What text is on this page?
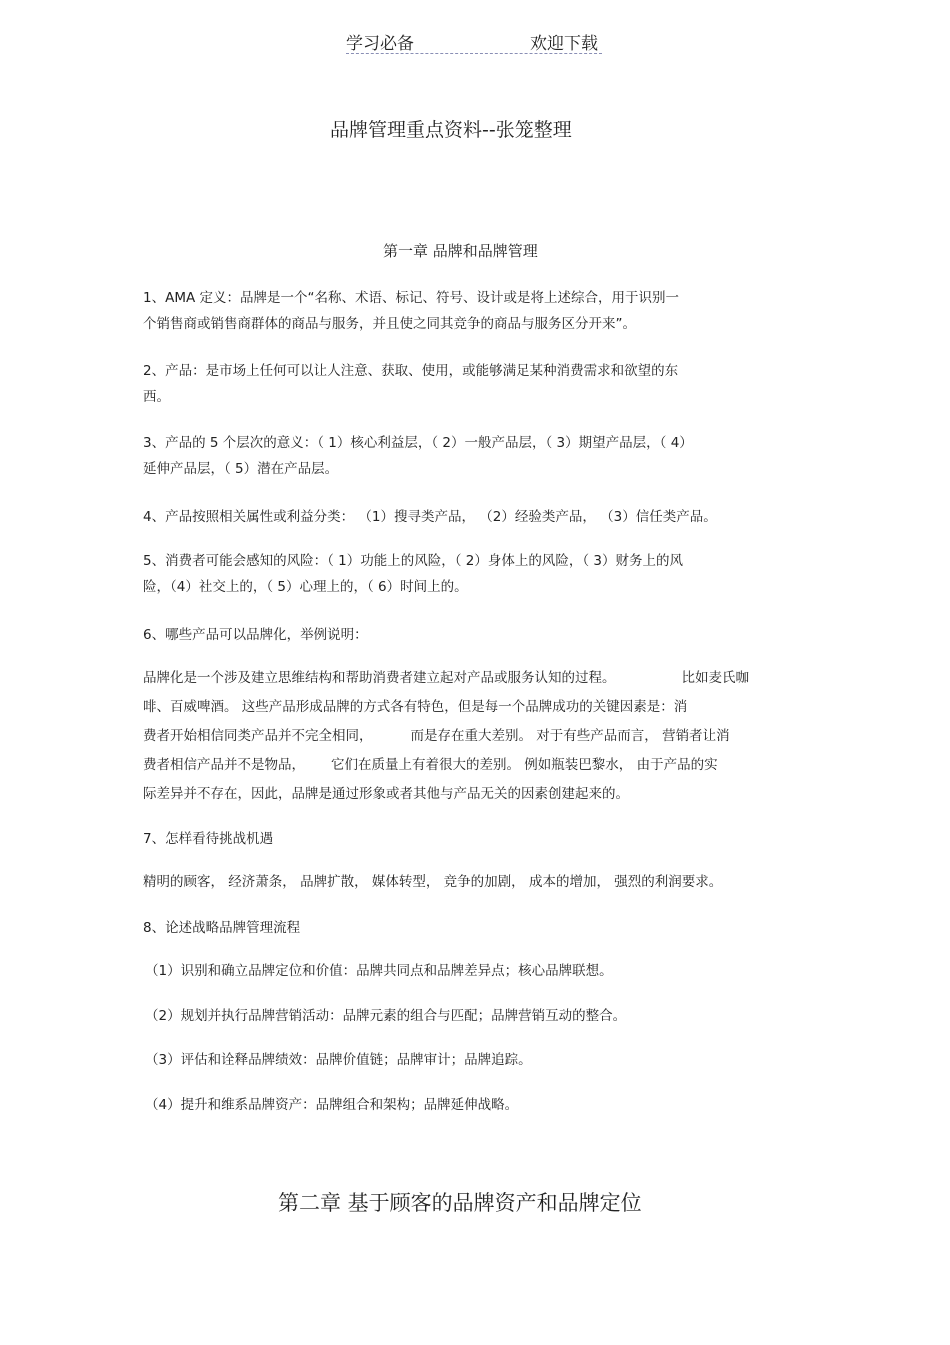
学习必备	欢迎下载
品牌管理重点资料--张笼整理
第一章 品牌和品牌管理
1、AMA 定义：品牌是一个“名称、术语、标记、符号、设计或是将上述综合，用于识别一
个销售商或销售商群体的商品与服务，并且使之同其竞争的商品与服务区分开来”。
2、产品：是市场上任何可以让人注意、获取、使用，或能够满足某种消费需求和欲望的东
西。
3、产品的 5 个层次的意义：（ 1）核心利益层，（ 2）一般产品层，（ 3）期望产品层，（ 4）
延伸产品层，（ 5）潜在产品层。
4、产品按照相关属性或利益分类： （1）搜寻类产品， （2）经验类产品， （3）信任类产品。
5、消费者可能会感知的风险：（ 1）功能上的风险，（ 2）身体上的风险，（ 3）财务上的风
险，（4）社交上的，（ 5）心理上的，（ 6）时间上的。
6、哪些产品可以品牌化，举例说明：
品牌化是一个涉及建立思维结构和帮助消费者建立起对产品或服务认知的过程。	比如麦氏咖
啡、百威啤酒。 这些产品形成品牌的方式各有特色，但是每一个品牌成功的关键因素是：消
费者开始相信同类产品并不完全相同，	而是存在重大差别。 对于有些产品而言， 营销者让消
费者相信产品并不是物品， 它们在质量上有着很大的差别。 例如瓶装巴黎水， 由于产品的实
际差异并不存在，因此，品牌是通过形象或者其他与产品无关的因素创建起来的。
7、怎样看待挑战机遇
精明的顾客， 经济萧条， 品牌扩散， 媒体转型， 竞争的加剧， 成本的增加， 强烈的利润要求。
8、论述战略品牌管理流程
（1）识别和确立品牌定位和价值：品牌共同点和品牌差异点；核心品牌联想。
（2）规划并执行品牌营销活动：品牌元素的组合与匹配；品牌营销互动的整合。
（3）评估和诠释品牌绩效：品牌价值链；品牌审计；品牌追踪。
（4）提升和维系品牌资产：品牌组合和架构；品牌延伸战略。
第二章 基于顾客的品牌资产和品牌定位
